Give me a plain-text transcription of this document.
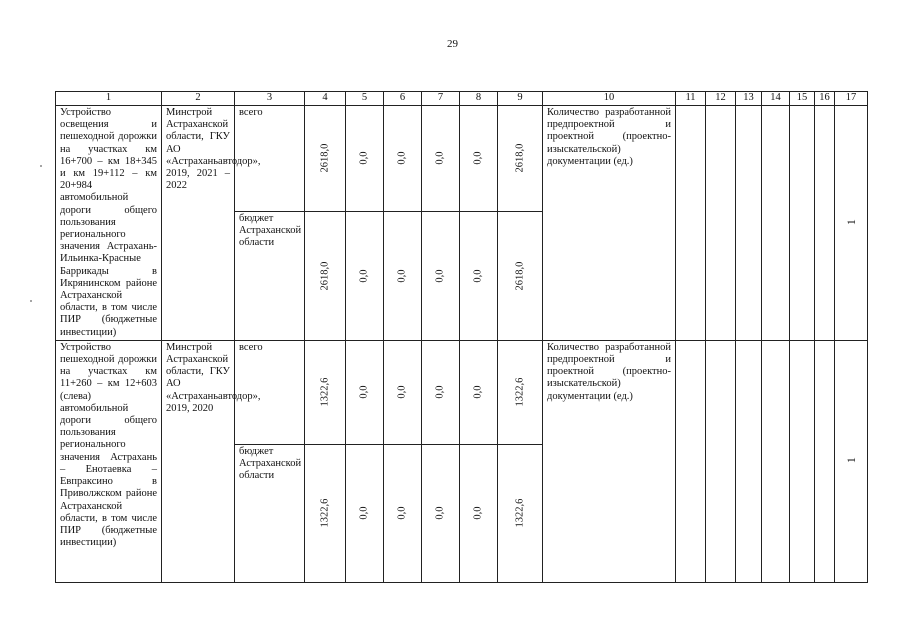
29
1	2	3	4	5	6	7	8	9	10	11	12	13	14	15	16	17
Устройство освещения и пешеходной дорожки на участках км 16+700 – км 18+345 и км 19+112 – км 20+984 автомобильной дороги общего пользования регионального значения Астрахань-Ильинка-Красные Баррикады в Икрянинском районе Астраханской области, в том числе ПИР (бюджетные инвестиции)	Минстрой Астраханской области, ГКУ АО «Астраханьавтодор», 2019, 2021 – 2022	всего	2618,0	0,0	0,0	0,0	0,0	2618,0	Количество разработанной предпроектной и проектной (проектно-изыскательской) документации (ед.)							1
		бюджет Астраханской области	2618,0	0,0	0,0	0,0	0,0	2618,0								
Устройство пешеходной дорожки на участках км 11+260 – км 12+603 (слева) автомобильной дороги общего пользования регионального значения Астрахань – Енотаевка – Евпраксино в Приволжском районе Астраханской области, в том числе ПИР (бюджетные инвестиции)	Минстрой Астраханской области, ГКУ АО «Астраханьавтодор», 2019, 2020	всего	1322,6	0,0	0,0	0,0	0,0	1322,6	Количество разработанной предпроектной и проектной (проектно-изыскательской) документации (ед.)							1
		бюджет Астраханской области	1322,6	0,0	0,0	0,0	0,0	1322,6								
